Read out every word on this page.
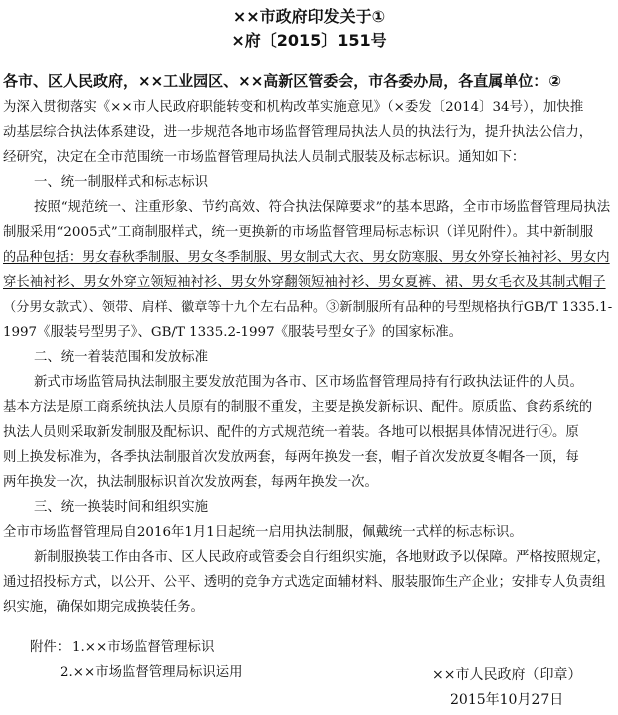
××市政府印发关于①
×府〔2015〕151号
各市、区人民政府，××工业园区、××高新区管委会，市各委办局，各直属单位：②
为深入贯彻落实《××市人民政府职能转变和机构改革实施意见》（×委发〔2014〕34号），加快推
动基层综合执法体系建设，进一步规范各地市场监督管理局执法人员的执法行为，提升执法公信力，
经研究，决定在全市范围统一市场监督管理局执法人员制式服装及标志标识。通知如下：
一、统一制服样式和标志标识
按照“规范统一、注重形象、节约高效、符合执法保障要求”的基本思路，全市市场监督管理局执法
制服采用“2005式”工商制服样式，统一更换新的市场监督管理局标志标识（详见附件）。其中新制服
的品种包括：男女春秋季制服、男女冬季制服、男女制式大衣、男女防寒服、男女外穿长袖衬衫、男女内
穿长袖衬衫、男女外穿立领短袖衬衫、男女外穿翻领短袖衬衫、男女夏裤、裙、男女毛衣及其制式帽子
（分男女款式）、领带、肩样、徽章等十九个左右品种。③新制服所有品种的号型规格执行GB/T 1335.1-
1997《服装号型男子》、GB/T 1335.2-1997《服装号型女子》的国家标准。
二、统一着装范围和发放标准
新式市场监管局执法制服主要发放范围为各市、区市场监督管理局持有行政执法证件的人员。
基本方法是原工商系统执法人员原有的制服不重发，主要是换发新标识、配件。原质监、食药系统的
执法人员则采取新发制服及配标识、配件的方式规范统一着装。各地可以根据具体情况进行④。原
则上换发标准为，各季执法制服首次发放两套，每两年换发一套，帽子首次发放夏冬帽各一顶，每
两年换发一次，执法制服标识首次发放两套，每两年换发一次。
三、统一换装时间和组织实施
全市市场监督管理局自2016年1月1日起统一启用执法制服，佩戴统一式样的标志标识。
新制服换装工作由各市、区人民政府或管委会自行组织实施，各地财政予以保障。严格按照规定，
通过招投标方式，以公开、公平、透明的竞争方式选定面辅材料、服装服饰生产企业；安排专人负责组
织实施，确保如期完成换装任务。
附件： 1.××市场监督管理标识
2.××市场监督管理局标识运用	××市人民政府（印章）
2015年10月27日
